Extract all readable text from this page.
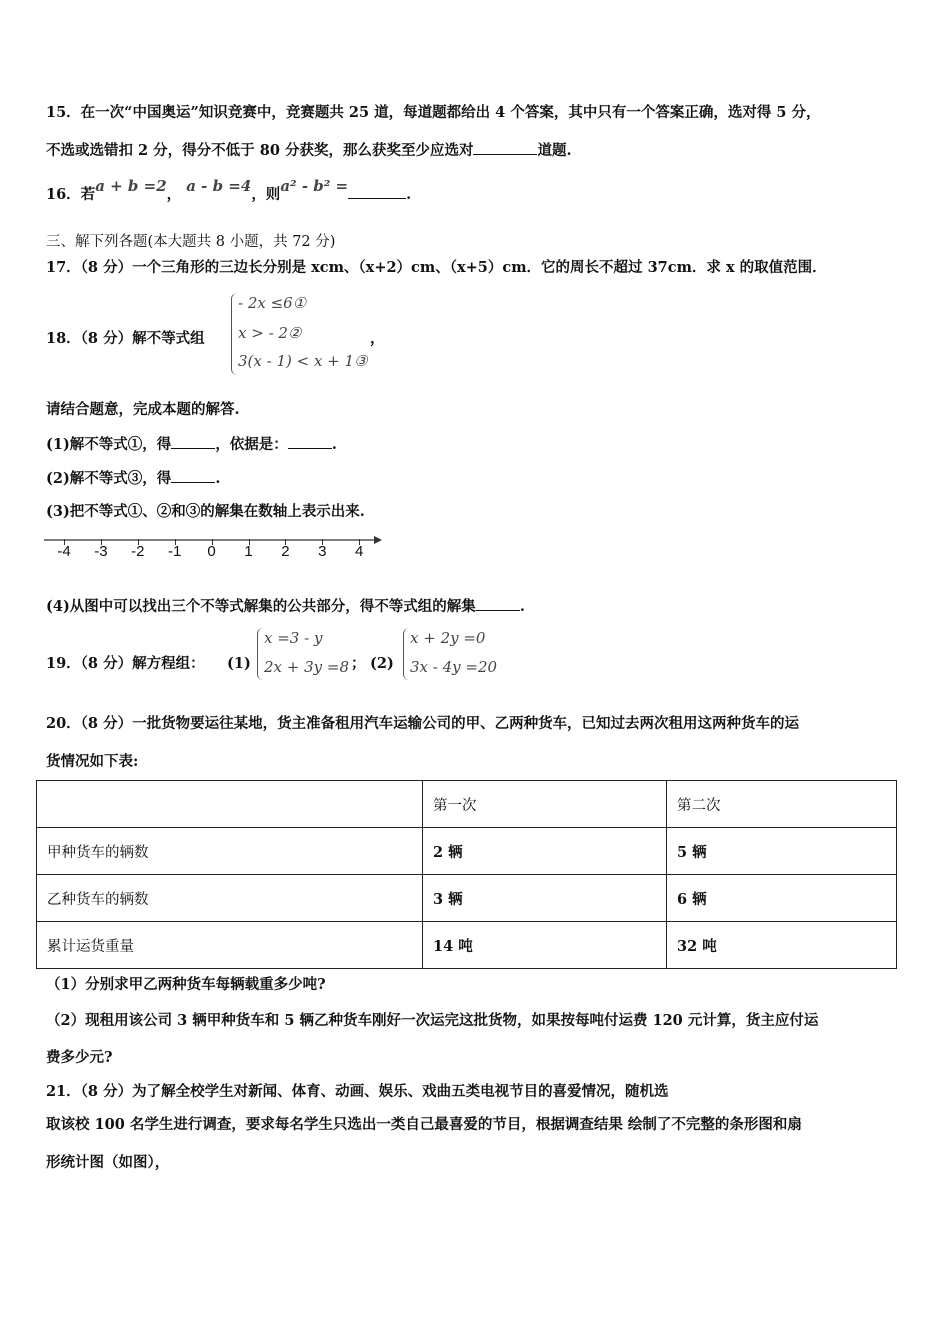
15．在一次“中国奥运”知识竞赛中，竞赛题共 25 道，每道题都给出 4 个答案，其中只有一个答案正确，选对得 5 分，
不选或选错扣 2 分，得分不低于 80 分获奖，那么获奖至少应选对	道题.
16．若a + b =2， a - b =4，则a² - b² =	.
三、解下列各题(本大题共 8 小题，共 72 分)
17．（8 分）一个三角形的三边长分别是 xcm、（x+2）cm、（x+5）cm．它的周长不超过 37cm．求 x 的取值范围．
18．（8 分）解不等式组
- 2x ≤6①
x > - 2②
3(x - 1) < x + 1③
，
请结合题意，完成本题的解答.
(1)解不等式①，得	，依据是：	.
(2)解不等式③，得	.
(3)把不等式①、②和③的解集在数轴上表示出来.
-4 -3 -2 -1 0 1 2 3 4
(4)从图中可以找出三个不等式解集的公共部分，得不等式组的解集	.
19．（8 分）解方程组： (1)
x =3 - y
2x + 3y =8 ； (2)
x + 2y =0
3x - 4y =20
20．（8 分）一批货物要运往某地，货主准备租用汽车运输公司的甲、乙两种货车，已知过去两次租用这两种货车的运
货情况如下表:
	第一次	第二次
甲种货车的辆数	2 辆	5 辆
乙种货车的辆数	3 辆	6 辆
累计运货重量	14 吨	32 吨
（1）分别求甲乙两种货车每辆载重多少吨?
（2）现租用该公司 3 辆甲种货车和 5 辆乙种货车刚好一次运完这批货物，如果按每吨付运费 120 元计算，货主应付运
费多少元?
21．（8 分）为了解全校学生对新闻、体育、动画、娱乐、戏曲五类电视节目的喜爱情况，随机选
取该校 100 名学生进行调查，要求每名学生只选出一类自己最喜爱的节目，根据调查结果 绘制了不完整的条形图和扇
形统计图（如图），
